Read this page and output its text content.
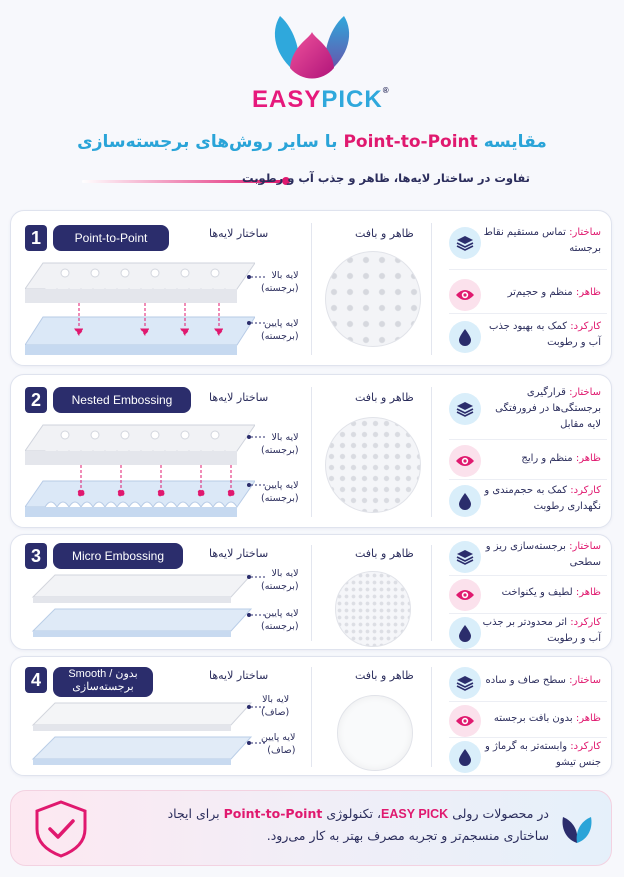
EASYPICK®
مقایسه Point-to-Point با سایر روش‌های برجسته‌سازی
تفاوت در ساختار لایه‌ها، ظاهر و جذب آب و رطوبت
1	Point-to-Point	ساختار لایه‌ها	ظاهر و بافت
لایه بالا
(برجسته)
لایه پایین
(برجسته)
ساختار: تماس مستقیم نقاط برجسته
ظاهر: منظم و حجیم‌تر
کارکرد: کمک به بهبود جذب آب و رطوبت
2	Nested Embossing	ساختار لایه‌ها	ظاهر و بافت
لایه بالا
(برجسته)
لایه پایین
(برجسته)
ساختار: قرارگیری برجستگی‌ها در فرورفتگی لایه مقابل
ظاهر: منظم و رایج
کارکرد: کمک به حجم‌مندی و نگهداری رطوبت
3	Micro Embossing	ساختار لایه‌ها	ظاهر و بافت
لایه بالا
(برجسته)
لایه پایین
(برجسته)
ساختار: برجسته‌سازی ریز و سطحی
ظاهر: لطیف و یکنواخت
کارکرد: اثر محدودتر بر جذب آب و رطوبت
4	Smooth / بدون
برجسته‌سازی
ساختار لایه‌ها	ظاهر و بافت
لایه بالا
(صاف)
لایه پایین
(صاف)
ساختار: سطح صاف و ساده
ظاهر: بدون بافت برجسته
کارکرد: وابسته‌تر به گرماژ و جنس تیشو
در محصولات رولی EASY PICK، تکنولوژی Point-to-Point برای ایجاد ساختاری منسجم‌تر و تجربه مصرف بهتر به کار می‌رود.
